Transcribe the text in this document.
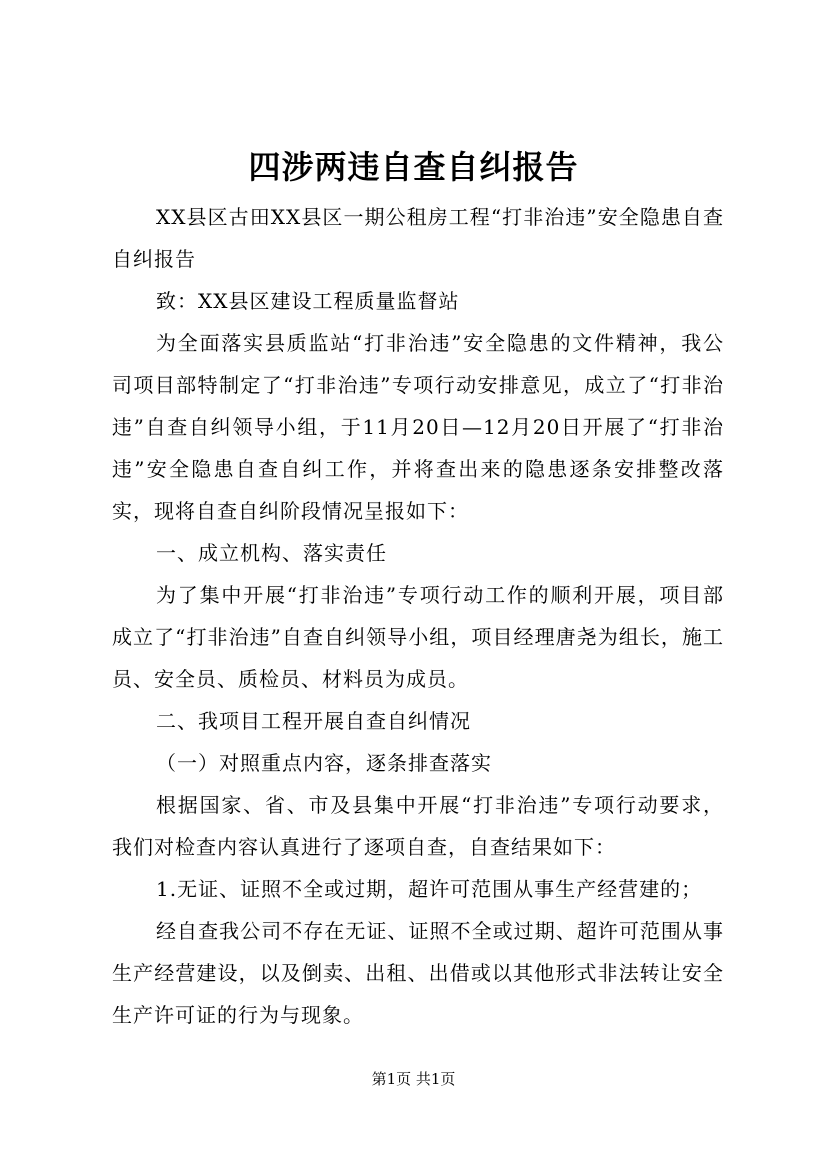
四涉两违自查自纠报告

XX县区古田XX县区一期公租房工程“打非治违”安全隐患自查自纠报告

致：XX县区建设工程质量监督站

为全面落实县质监站“打非治违”安全隐患的文件精神，我公司项目部特制定了“打非治违”专项行动安排意见，成立了“打非治违”自查自纠领导小组，于11月20日—12月20日开展了“打非治违”安全隐患自查自纠工作，并将查出来的隐患逐条安排整改落实，现将自查自纠阶段情况呈报如下：

一、成立机构、落实责任

为了集中开展“打非治违”专项行动工作的顺利开展，项目部成立了“打非治违”自查自纠领导小组，项目经理唐尧为组长，施工员、安全员、质检员、材料员为成员。

二、我项目工程开展自查自纠情况

（一）对照重点内容，逐条排查落实

根据国家、省、市及县集中开展“打非治违”专项行动要求，我们对检查内容认真进行了逐项自查，自查结果如下：

1.无证、证照不全或过期，超许可范围从事生产经营建的；

经自查我公司不存在无证、证照不全或过期、超许可范围从事生产经营建设，以及倒卖、出租、出借或以其他形式非法转让安全生产许可证的行为与现象。

第1页 共1页
